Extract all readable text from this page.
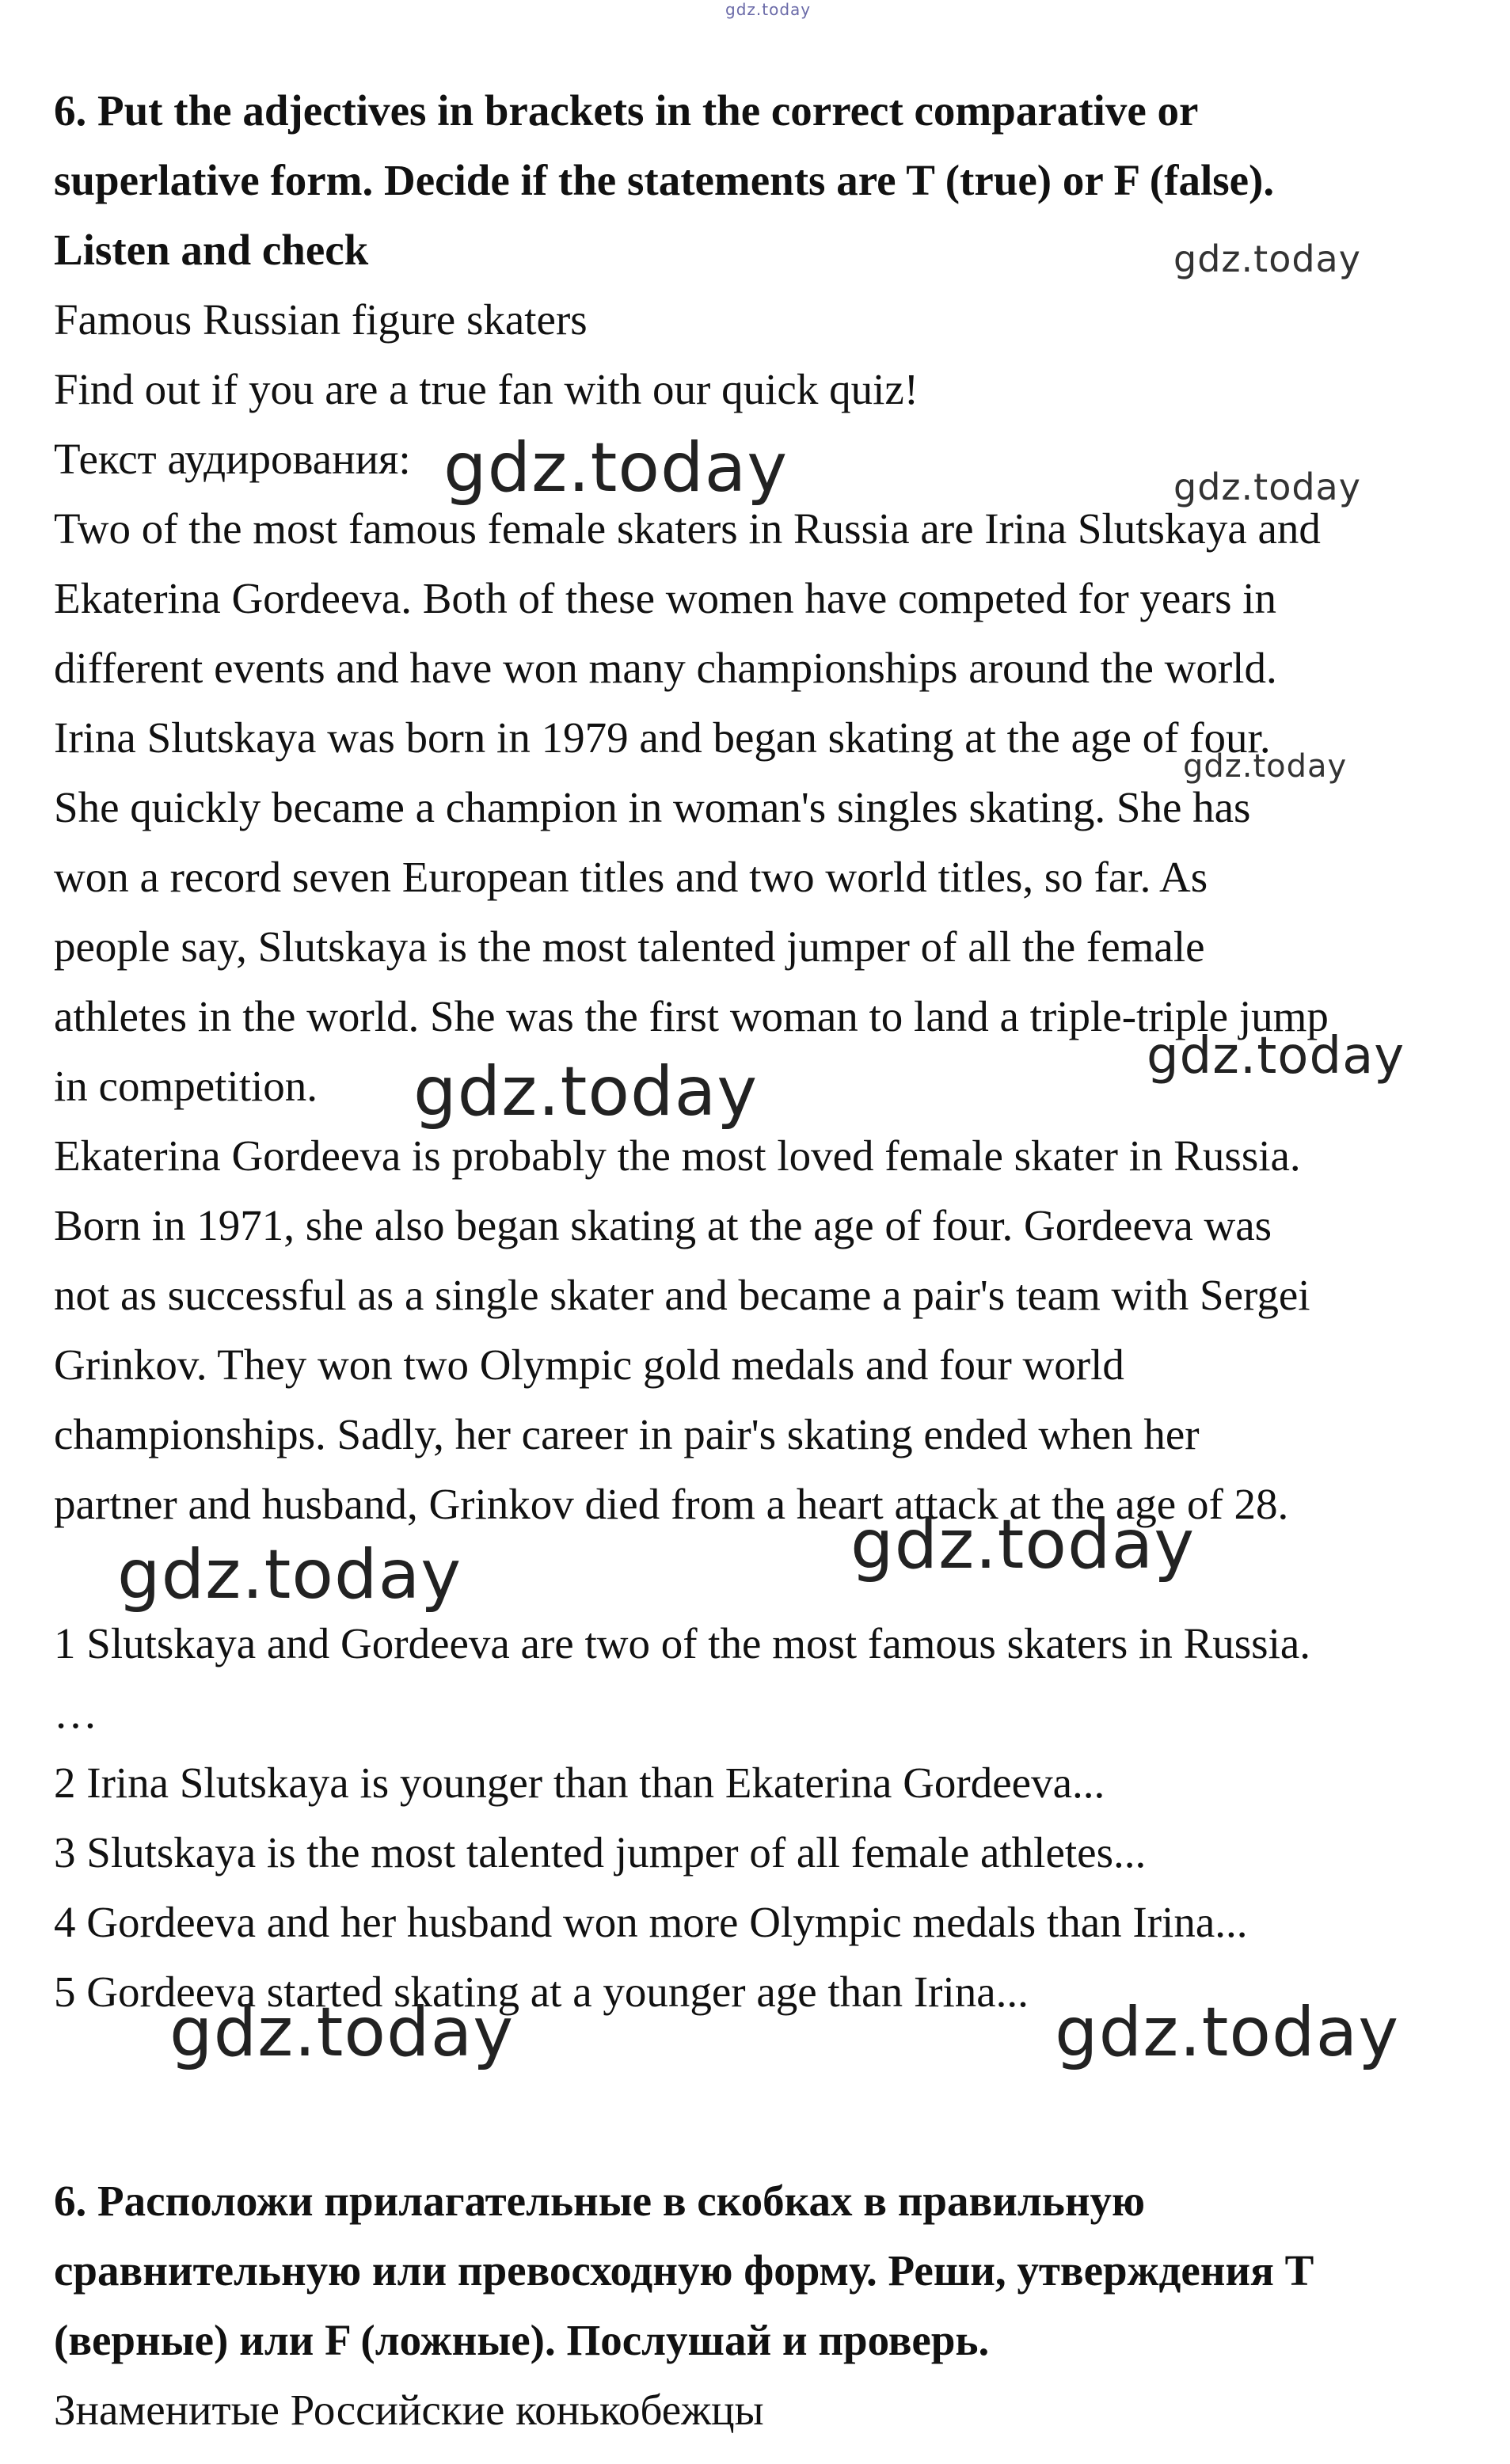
gdz.today
6. Put the adjectives in brackets in the correct comparative or
superlative form. Decide if the statements are T (true) or F (false).
Listen and check
Famous Russian figure skaters
Find out if you are a true fan with our quick quiz!
Текст аудирования:
Two of the most famous female skaters in Russia are Irina Slutskaya and
Ekaterina Gordeeva. Both of these women have competed for years in
different events and have won many championships around the world.
Irina Slutskaya was born in 1979 and began skating at the age of four.
She quickly became a champion in woman's singles skating. She has
won a record seven European titles and two world titles, so far. As
people say, Slutskaya is the most talented jumper of all the female
athletes in the world. She was the first woman to land a triple-triple jump
in competition.
Ekaterina Gordeeva is probably the most loved female skater in Russia.
Born in 1971, she also began skating at the age of four. Gordeeva was
not as successful as a single skater and became a pair's team with Sergei
Grinkov. They won two Olympic gold medals and four world
championships. Sadly, her career in pair's skating ended when her
partner and husband, Grinkov died from a heart attack at the age of 28.
1 Slutskaya and Gordeeva are two of the most famous skaters in Russia.
…
2 Irina Slutskaya is younger than than Ekaterina Gordeeva...
3 Slutskaya is the most talented jumper of all female athletes...
4 Gordeeva and her husband won more Olympic medals than Irina...
5 Gordeeva started skating at a younger age than Irina...
6. Расположи прилагательные в скобках в правильную
сравнительную или превосходную форму. Реши, утверждения T
(верные) или F (ложные). Послушай и проверь.
Знаменитые Российские конькобежцы
gdz.today
gdz.today	gdz.today
gdz.today
gdz.today
gdz.today
gdz.today
gdz.today
gdz.today	gdz.today
